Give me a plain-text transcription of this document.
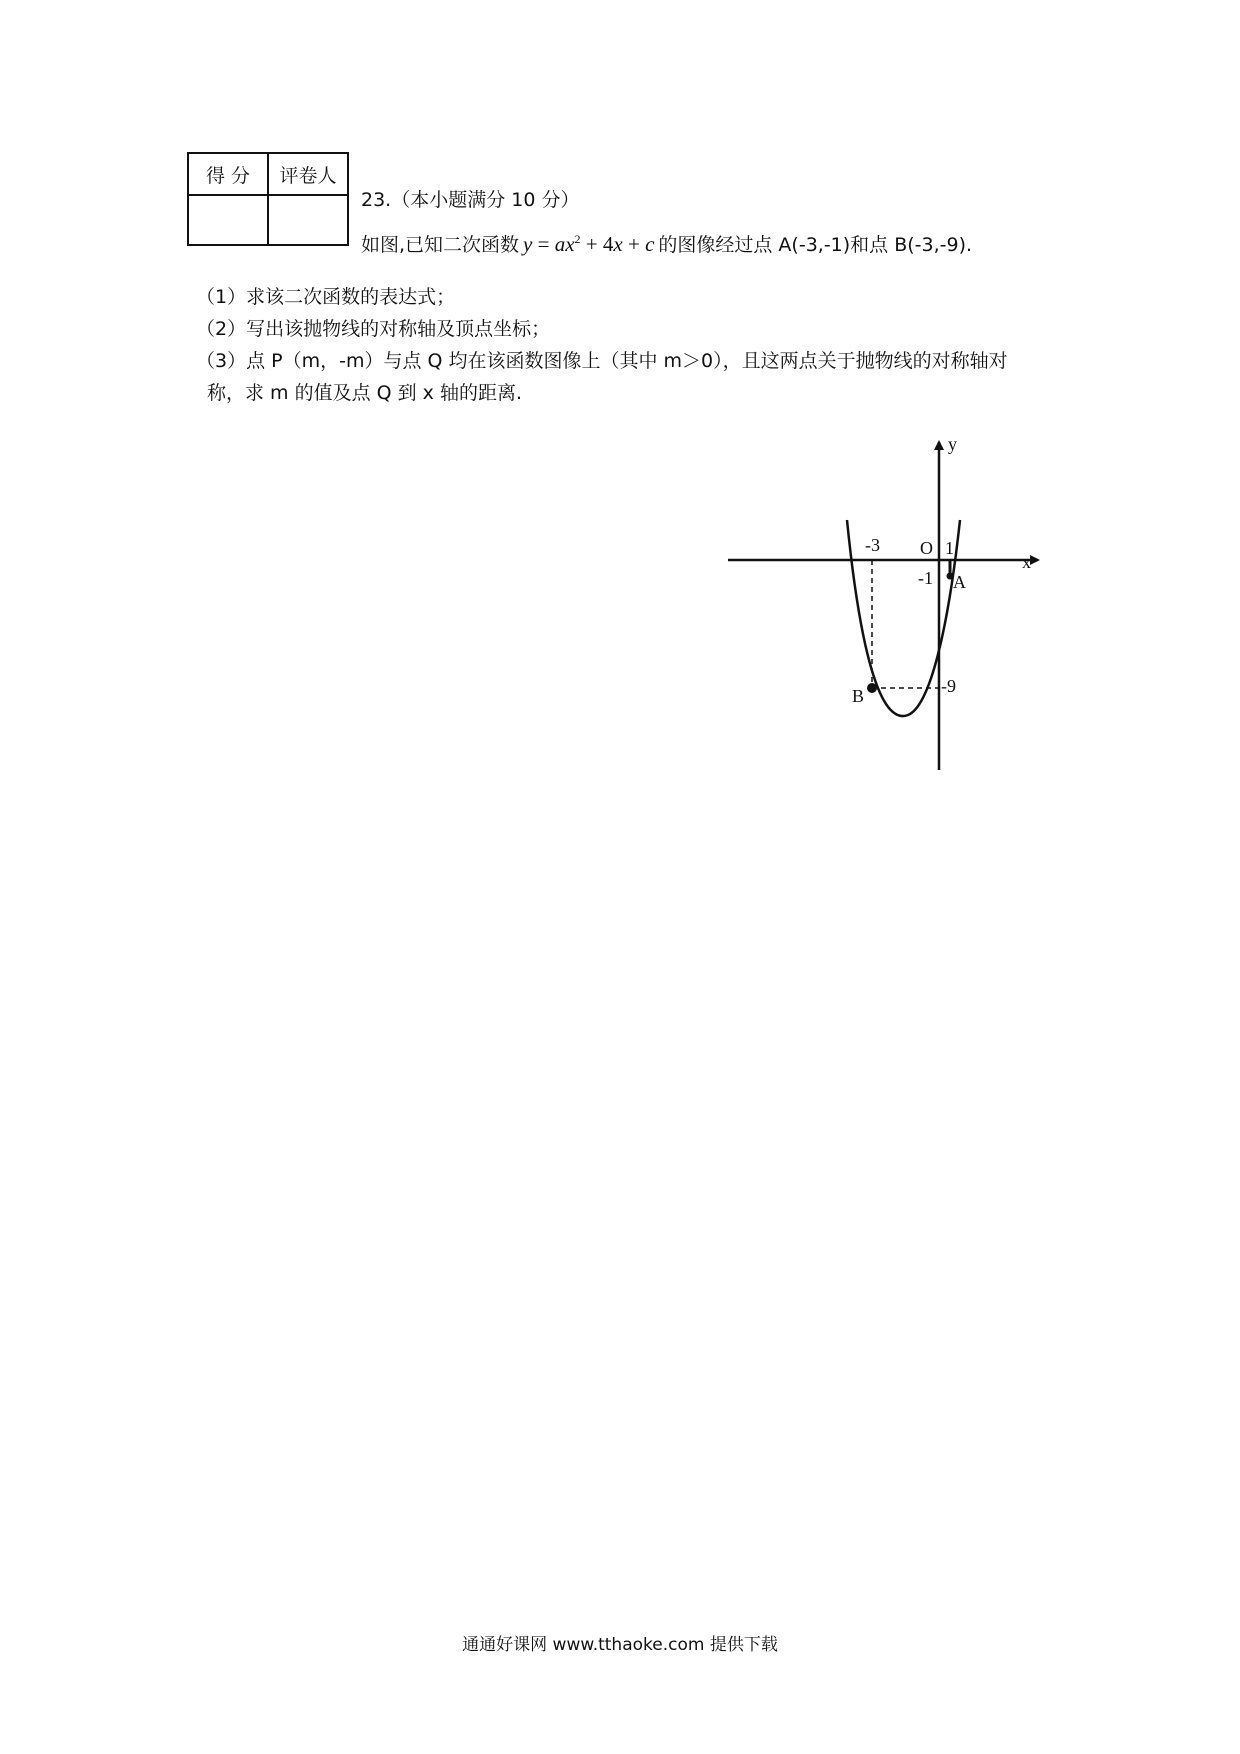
得 分	评卷人

23.（本小题满分 10 分）
如图,已知二次函数 $y = ax^2 + 4x + c$ 的图像经过点 A(-3,-1)和点 B(-3,-9).
（1）求该二次函数的表达式；
（2）写出该抛物线的对称轴及顶点坐标；
（3）点 P（m，-m）与点 Q 均在该函数图像上（其中 m＞0），且这两点关于抛物线的对称轴对
称，求 m 的值及点 Q 到 x 轴的距离.
x
y
O
-3	1
-1
-9
A
B
通通好课网 www.tthaoke.com 提供下载
